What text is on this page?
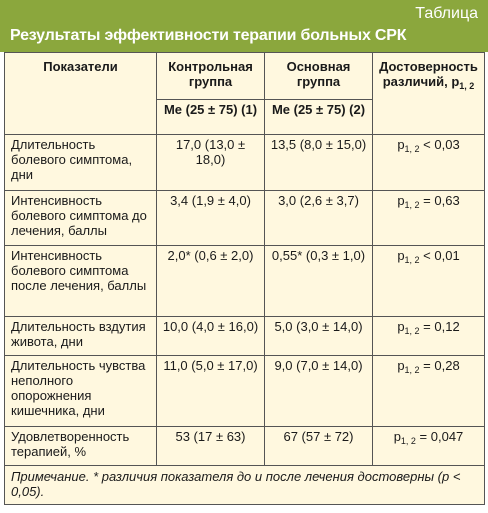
Таблица
Результаты эффективности терапии больных СРК
Показатели	Контрольная группа	Основная группа	Достоверность различий, $p_{1, 2}$
	Me (25 ± 75) (1)	Me (25 ± 75) (2)	
Длительность болевого симптома, дни	17,0 (13,0 ± 18,0)	13,5 (8,0 ± 15,0)	$p_{1, 2} < 0,03$
Интенсивность болевого симптома до лечения, баллы	3,4 (1,9 ± 4,0)	3,0 (2,6 ± 3,7)	$p_{1, 2} = 0,63$
Интенсивность болевого симптома после лечения, баллы	2,0* (0,6 ± 2,0)	0,55* (0,3 ± 1,0)	$p_{1, 2} < 0,01$
Длительность вздутия живота, дни	10,0 (4,0 ± 16,0)	5,0 (3,0 ± 14,0)	$p_{1, 2} = 0,12$
Длительность чувства неполного опорожнения кишечника, дни	11,0 (5,0 ± 17,0)	9,0 (7,0 ± 14,0)	$p_{1, 2} = 0,28$
Удовлетворенность терапией, %	53 (17 ± 63)	67 (57 ± 72)	$p_{1, 2} = 0,047$
Примечание. * различия показателя до и после лечения достоверны (p < 0,05).			
